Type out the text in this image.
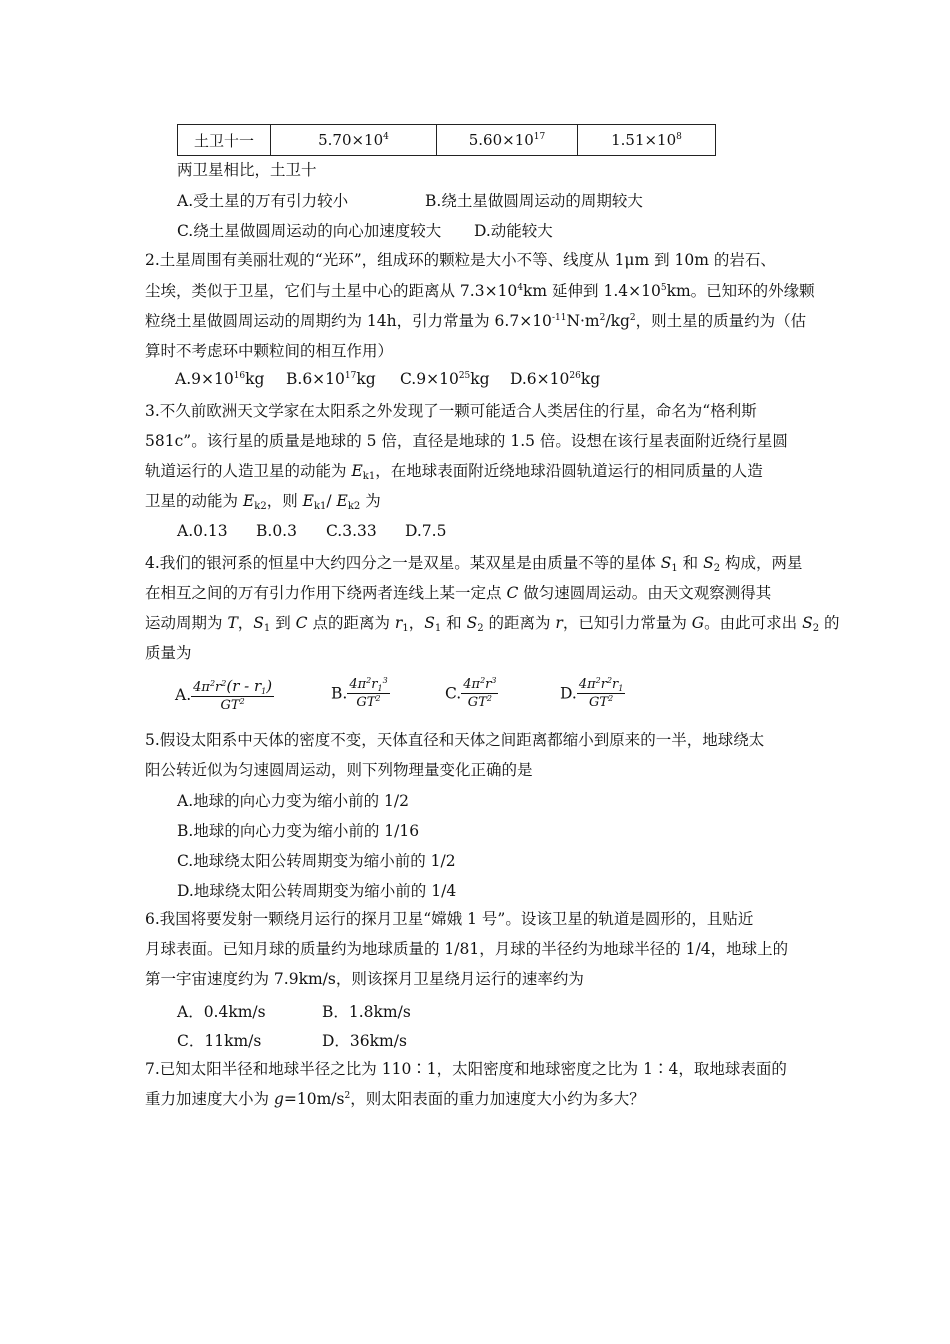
土卫十一	$5.70\times 10^4$	$5.60\times 10^{17}$	$1.51\times 10^8$
两卫星相比，土卫十
A.受土星的万有引力较小	B.绕土星做圆周运动的周期较大
C.绕土星做圆周运动的向心加速度较大 D.动能较大
2.土星周围有美丽壮观的“光环”，组成环的颗粒是大小不等、线度从 1μm 到 10m 的岩石、
尘埃，类似于卫星，它们与土星中心的距离从 $7.3\times 10^4km$ 延伸到 $1.4\times 10^5km$。已知环的外缘颗
粒绕土星做圆周运动的周期约为 14h，引力常量为 $6.7\times 10^{-11}N\cdot m^2/kg^2$，则土星的质量约为（估
算时不考虑环中颗粒间的相互作用）
$A.9\times 10^{16}kg$ $B.6\times 10^{17}kg$ $C.9\times 10^{25}kg$ $D.6\times 10^{26}kg$
3.不久前欧洲天文学家在太阳系之外发现了一颗可能适合人类居住的行星，命名为“格利斯
581c”。该行星的质量是地球的 5 倍，直径是地球的 1.5 倍。设想在该行星表面附近绕行星圆
轨道运行的人造卫星的动能为 $E_{k1}$，在地球表面附近绕地球沿圆轨道运行的相同质量的人造
卫星的动能为 $E_{k2}$，则 $E_{k1}/$ $E_{k2}$ 为
A.0.13 B.0.3 C.3.33 D.7.5
4.我们的银河系的恒星中大约四分之一是双星。某双星是由质量不等的星体 $S_1$ 和 $S_2$ 构成，两星
在相互之间的万有引力作用下绕两者连线上某一定点 C 做匀速圆周运动。由天文观察测得其
运动周期为 T，$S_1$ 到 C 点的距离为 $r_1$，$S_1$ 和 $S_2$ 的距离为 r，已知引力常量为 G。由此可求出 $S_2$ 的
质量为
A. $\frac{4\pi^2r^2(r - r_1)}{GT^2}$	B. $\frac{4\pi^2r_1^3}{GT^2}$	C. $\frac{4\pi^2r^3}{GT^2}$	D. $\frac{4\pi^2r^2r_1}{GT^2}$
5.假设太阳系中天体的密度不变，天体直径和天体之间距离都缩小到原来的一半，地球绕太
阳公转近似为匀速圆周运动，则下列物理量变化正确的是
A.地球的向心力变为缩小前的 1/2
B.地球的向心力变为缩小前的 1/16
C.地球绕太阳公转周期变为缩小前的 1/2
D.地球绕太阳公转周期变为缩小前的 1/4
6.我国将要发射一颗绕月运行的探月卫星“嫦娥 1 号”。设该卫星的轨道是圆形的，且贴近
月球表面。已知月球的质量约为地球质量的 1/81，月球的半径约为地球半径的 1/4，地球上的
第一宇宙速度约为 7.9km/s，则该探月卫星绕月运行的速率约为
A．0.4km/s	B．1.8km/s
C．11km/s	D．36km/s
7.已知太阳半径和地球半径之比为 110∶1，太阳密度和地球密度之比为 1∶4，取地球表面的
重力加速度大小为 $g=10m/s^2$，则太阳表面的重力加速度大小约为多大？
